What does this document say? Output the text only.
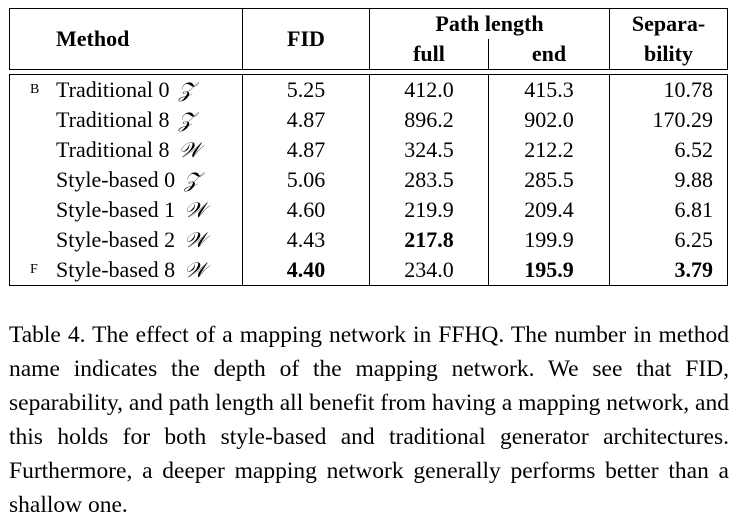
Method	FID	Path length		Separa-
		full	end	bility

B Traditional 0 𝒵	5.25	412.0	415.3	10.78

Traditional 8 𝒵	4.87	896.2	902.0	170.29

Traditional 8 𝒲	4.87	324.5	212.2	6.52

Style-based 0 𝒵	5.06	283.5	285.5	9.88

Style-based 1 𝒲	4.60	219.9	209.4	6.81

Style-based 2 𝒲	4.43	217.8	199.9	6.25

F Style-based 8 𝒲	4.40	234.0	195.9	3.79
Table 4. The effect of a mapping network in FFHQ. The number in method name indicates the depth of the mapping network. We see that FID, separability, and path length all benefit from having a mapping network, and this holds for both style-based and traditional generator architectures. Furthermore, a deeper mapping network generally performs better than a shallow one.
